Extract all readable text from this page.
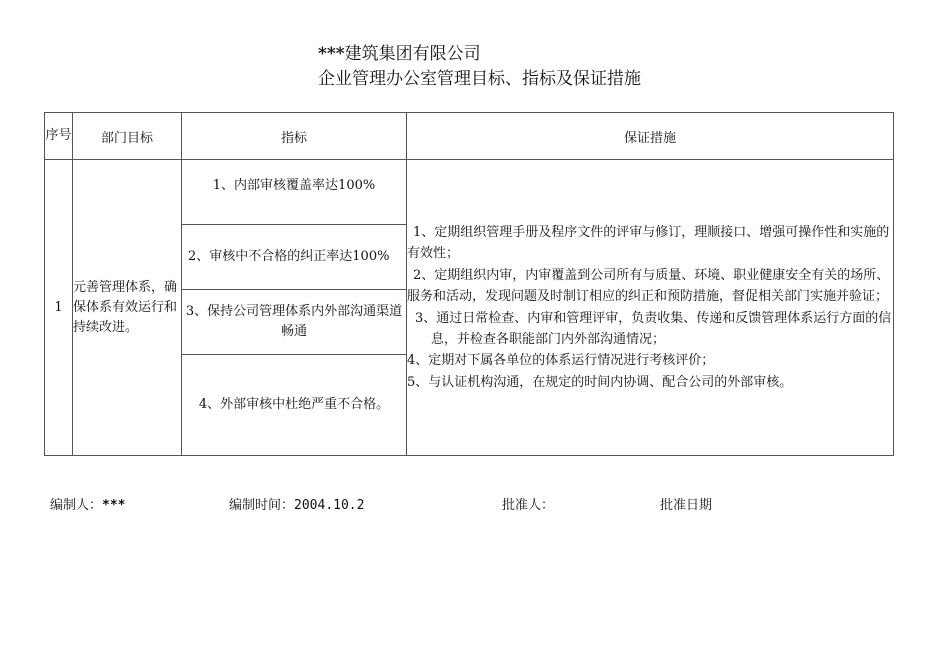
***建筑集团有限公司
企业管理办公室管理目标、指标及保证措施
序号	部门目标	指标	保证措施
1	元善管理体系，确保体系有效运行和持续改进。	1、内部审核覆盖率达100%	1、定期组织管理手册及程序文件的评审与修订，理顺接口、增强可操作性和实施的有效性；

2、定期组织内审，内审覆盖到公司所有与质量、环境、职业健康安全有关的场所、服务和活动，发现问题及时制订相应的纠正和预防措施，督促相关部门实施并验证；

3、通过日常检查、内审和管理评审，负责收集、传递和反馈管理体系运行方面的信息，并检查各职能部门内外部沟通情况；

4、定期对下属各单位的体系运行情况进行考核评价；

5、与认证机构沟通，在规定的时间内协调、配合公司的外部审核。

		2、审核中不合格的纠正率达100%	
		3、保持公司管理体系内外部沟通渠道畅通	
		4、外部审核中杜绝严重不合格。	
编制人：***	编制时间：2004.10.2	批准人：	批准日期
